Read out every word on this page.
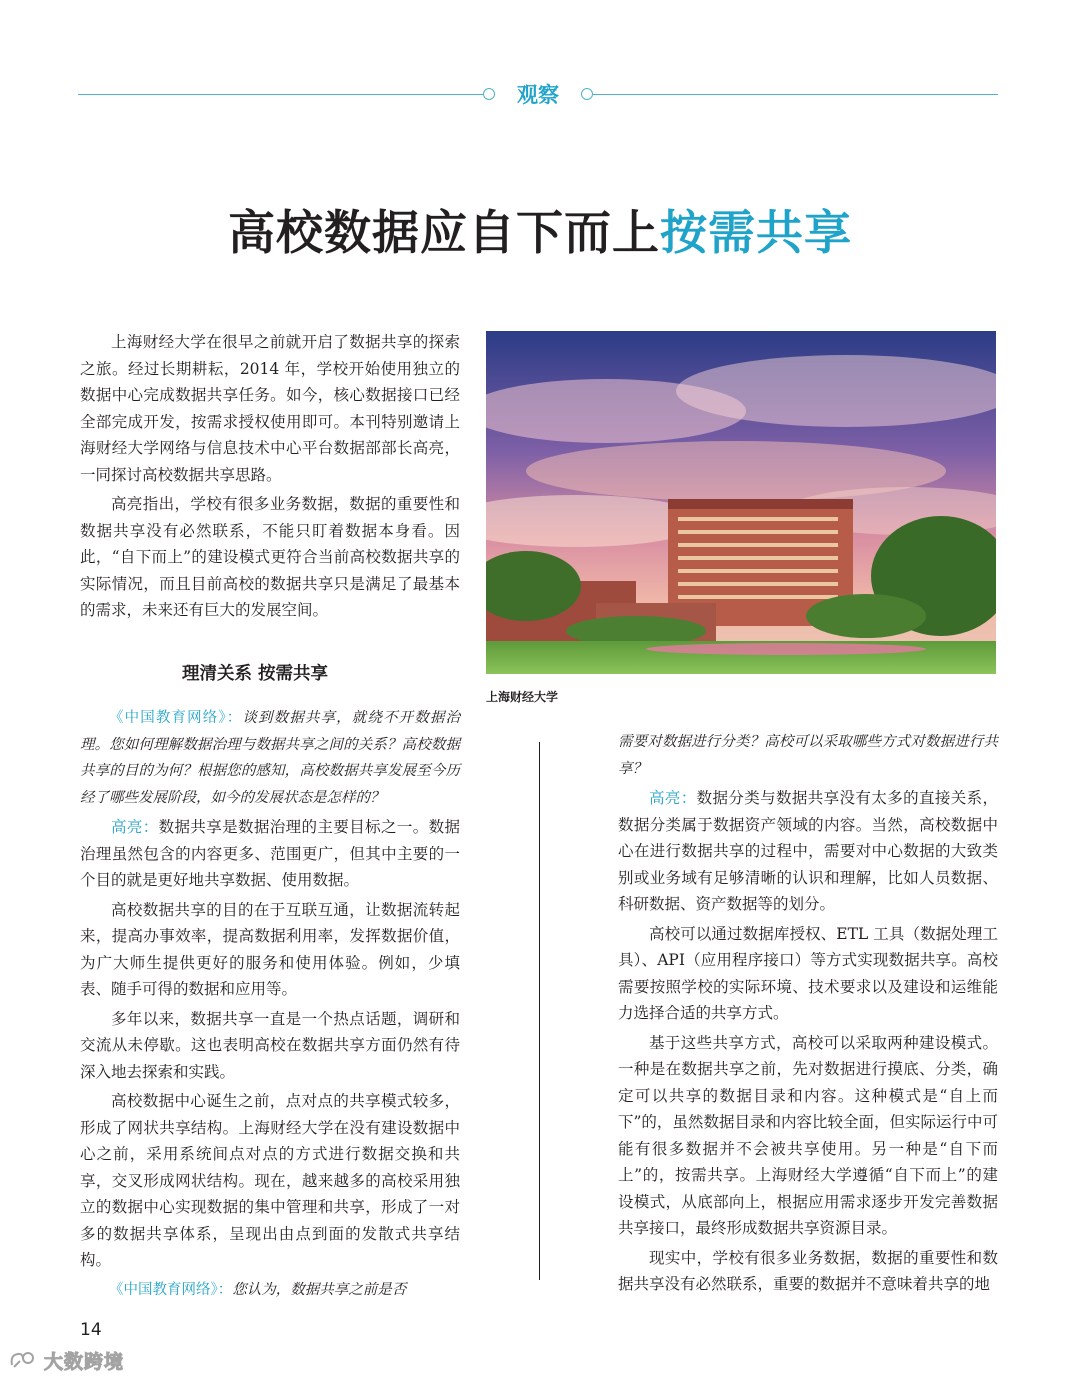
观察
高校数据应自下而上按需共享

上海财经大学在很早之前就开启了数据共享的探索之旅。经过长期耕耘，2014 年，学校开始使用独立的数据中心完成数据共享任务。如今，核心数据接口已经全部完成开发，按需求授权使用即可。本刊特别邀请上海财经大学网络与信息技术中心平台数据部部长高亮，一同探讨高校数据共享思路。

高亮指出，学校有很多业务数据，数据的重要性和数据共享没有必然联系，不能只盯着数据本身看。因此，“自下而上”的建设模式更符合当前高校数据共享的实际情况，而且目前高校的数据共享只是满足了最基本的需求，未来还有巨大的发展空间。

上海财经大学
理清关系 按需共享

《中国教育网络》：谈到数据共享，就绕不开数据治理。您如何理解数据治理与数据共享之间的关系？高校数据共享的目的为何？根据您的感知，高校数据共享发展至今历经了哪些发展阶段，如今的发展状态是怎样的？

高亮：数据共享是数据治理的主要目标之一。数据治理虽然包含的内容更多、范围更广，但其中主要的一个目的就是更好地共享数据、使用数据。

高校数据共享的目的在于互联互通，让数据流转起来，提高办事效率，提高数据利用率，发挥数据价值，为广大师生提供更好的服务和使用体验。例如，少填表、随手可得的数据和应用等。

多年以来，数据共享一直是一个热点话题，调研和交流从未停歇。这也表明高校在数据共享方面仍然有待深入地去探索和实践。

高校数据中心诞生之前，点对点的共享模式较多，形成了网状共享结构。上海财经大学在没有建设数据中心之前，采用系统间点对点的方式进行数据交换和共享，交叉形成网状结构。现在，越来越多的高校采用独立的数据中心实现数据的集中管理和共享，形成了一对多的数据共享体系，呈现出由点到面的发散式共享结构。

《中国教育网络》：您认为，数据共享之前是否

需要对数据进行分类？高校可以采取哪些方式对数据进行共享？

高亮：数据分类与数据共享没有太多的直接关系，数据分类属于数据资产领域的内容。当然，高校数据中心在进行数据共享的过程中，需要对中心数据的大致类别或业务域有足够清晰的认识和理解，比如人员数据、科研数据、资产数据等的划分。

高校可以通过数据库授权、ETL 工具（数据处理工具）、API（应用程序接口）等方式实现数据共享。高校需要按照学校的实际环境、技术要求以及建设和运维能力选择合适的共享方式。

基于这些共享方式，高校可以采取两种建设模式。一种是在数据共享之前，先对数据进行摸底、分类，确定可以共享的数据目录和内容。这种模式是“自上而下”的，虽然数据目录和内容比较全面，但实际运行中可能有很多数据并不会被共享使用。另一种是“自下而上”的，按需共享。上海财经大学遵循“自下而上”的建设模式，从底部向上，根据应用需求逐步开发完善数据共享接口，最终形成数据共享资源目录。

现实中，学校有很多业务数据，数据的重要性和数据共享没有必然联系，重要的数据并不意味着共享的地

14
大数跨境
